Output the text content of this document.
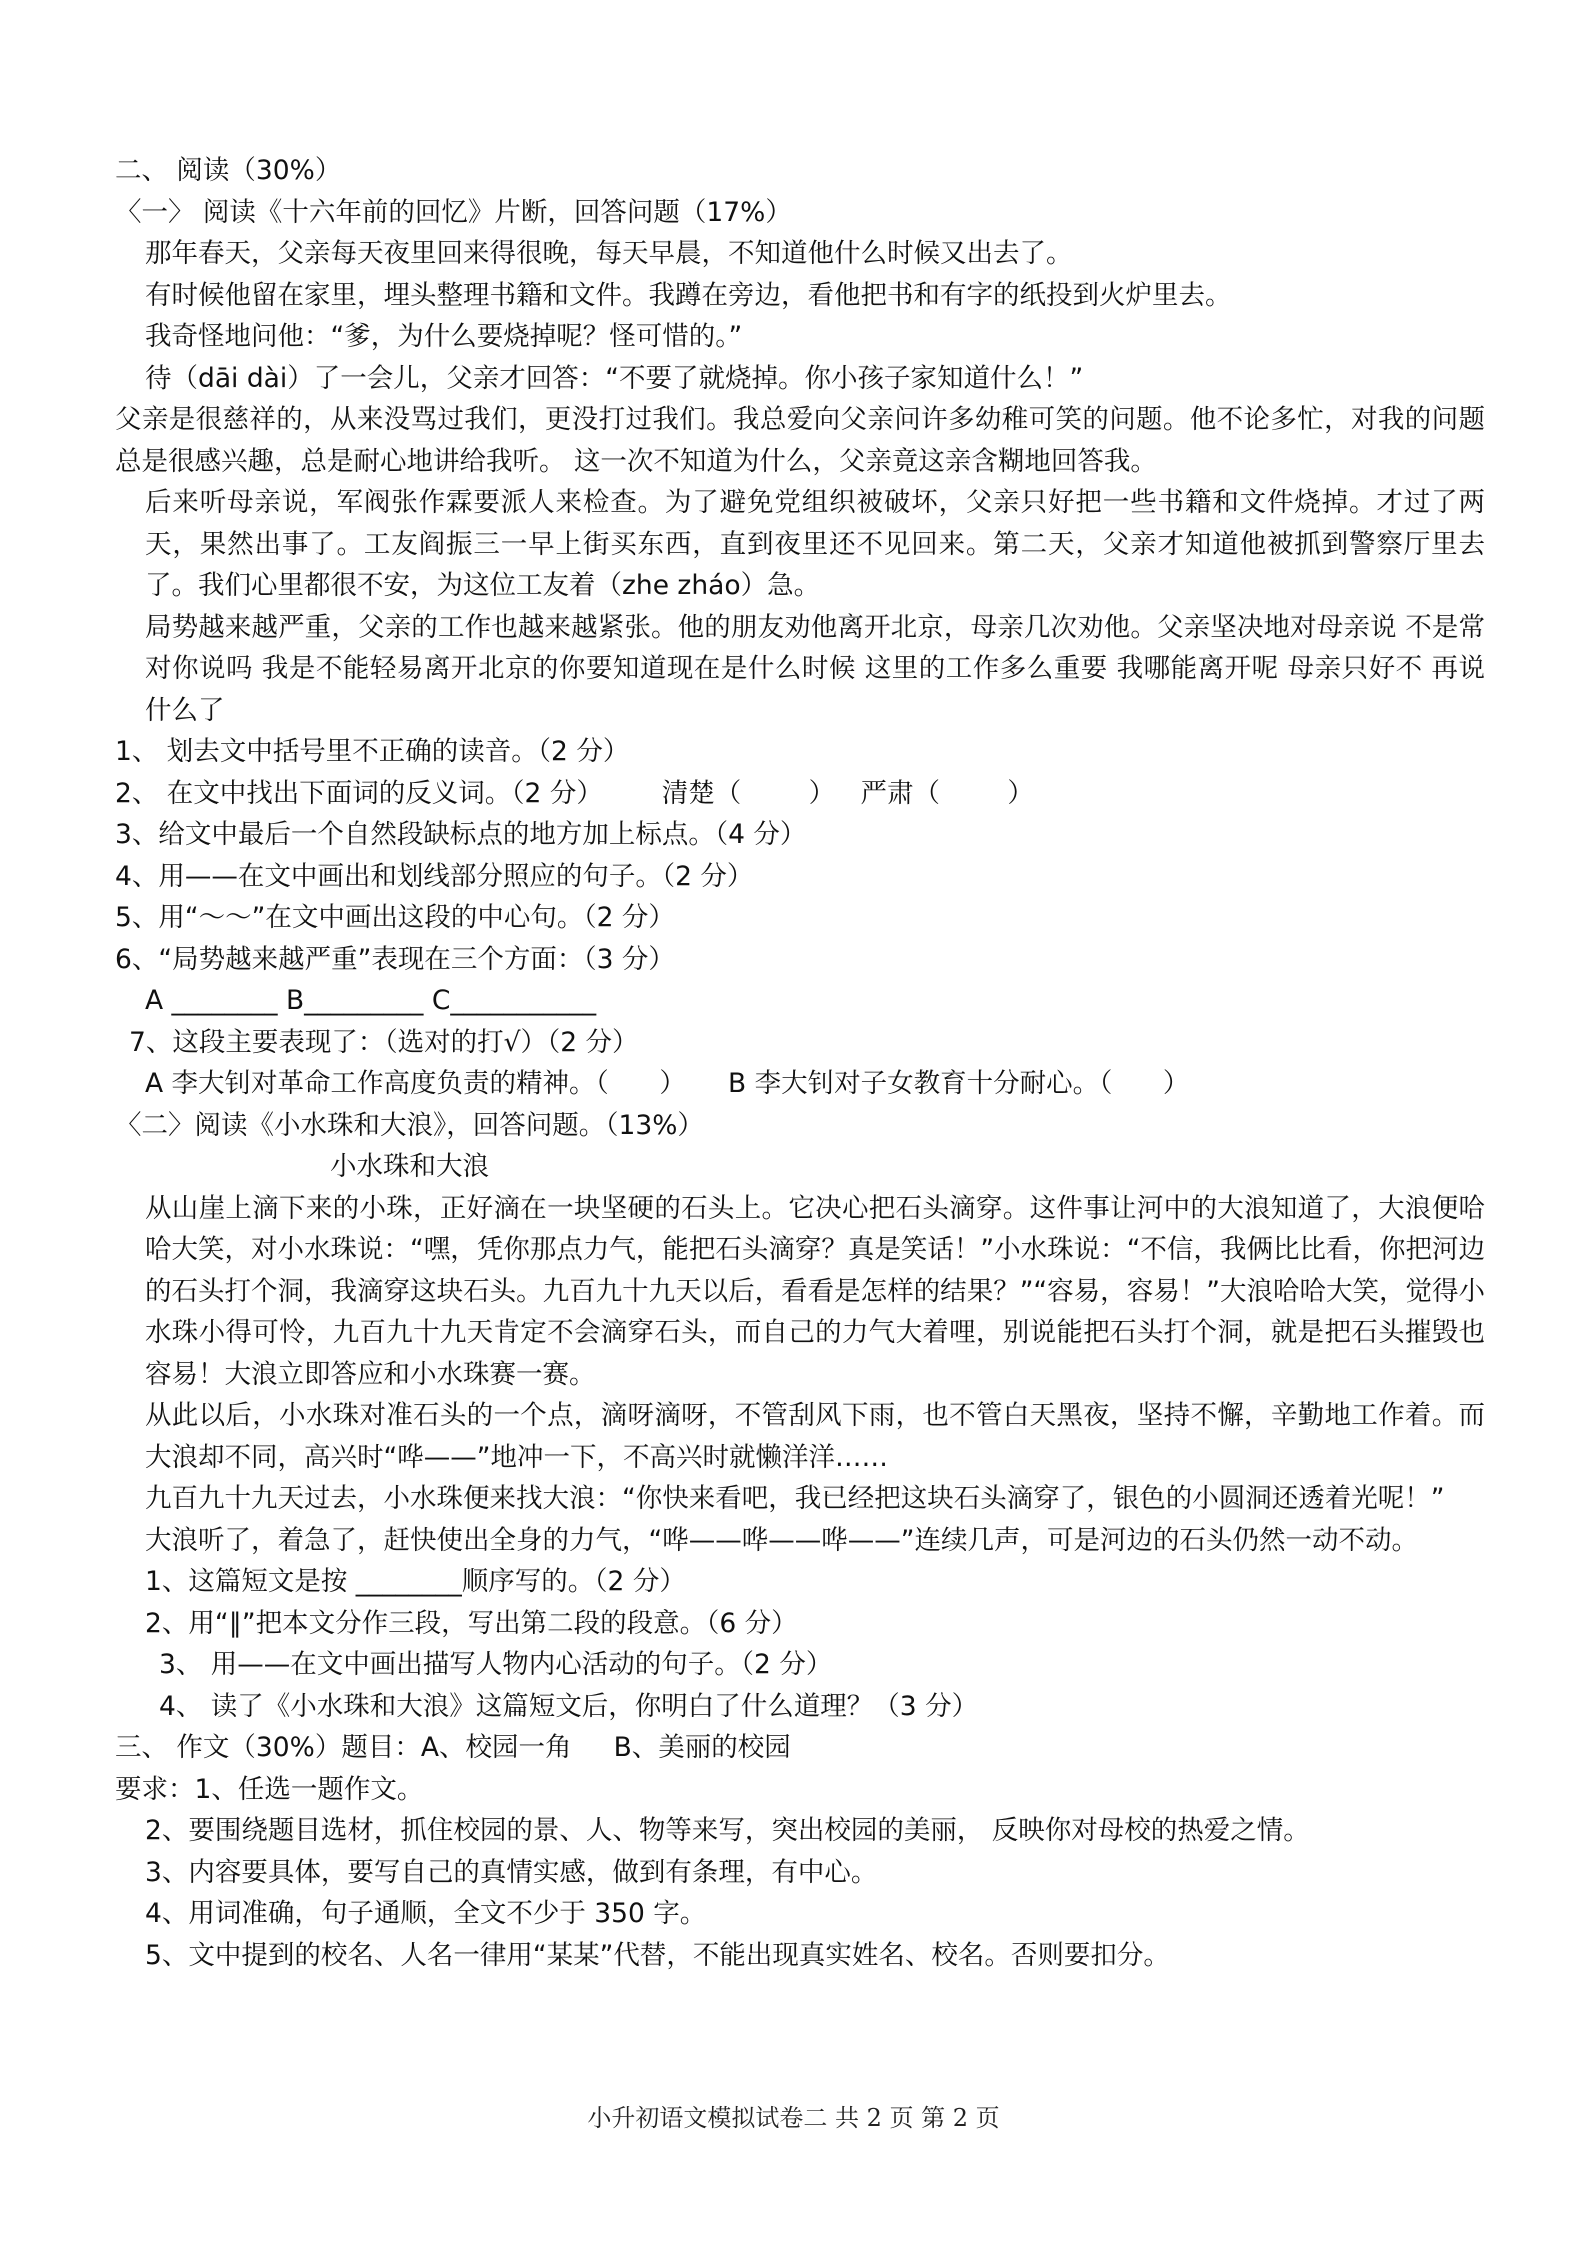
二、 阅读（30%）
〈一〉 阅读《十六年前的回忆》片断，回答问题（17%）
那年春天，父亲每天夜里回来得很晚，每天早晨，不知道他什么时候又出去了。
有时候他留在家里，埋头整理书籍和文件。我蹲在旁边，看他把书和有字的纸投到火炉里去。
我奇怪地问他：“爹，为什么要烧掉呢？怪可惜的。”
待（dāi dài）了一会儿，父亲才回答：“不要了就烧掉。你小孩子家知道什么！”
父亲是很慈祥的，从来没骂过我们，更没打过我们。我总爱向父亲问许多幼稚可笑的问题。他不论多忙，对我的问题总是很感兴趣，总是耐心地讲给我听。 这一次不知道为什么，父亲竟这亲含糊地回答我。
后来听母亲说，军阀张作霖要派人来检查。为了避免党组织被破坏，父亲只好把一些书籍和文件烧掉。才过了两天，果然出事了。工友阎振三一早上街买东西，直到夜里还不见回来。第二天，父亲才知道他被抓到警察厅里去了。我们心里都很不安，为这位工友着（zhe zháo）急。
局势越来越严重，父亲的工作也越来越紧张。他的朋友劝他离开北京，母亲几次劝他。父亲坚决地对母亲说 不是常对你说吗 我是不能轻易离开北京的你要知道现在是什么时候 这里的工作多么重要 我哪能离开呢 母亲只好不 再说什么了
1、 划去文中括号里不正确的读音。（2 分）
2、 在文中找出下面词的反义词。（2 分）       清楚（        ）   严肃（        ）
3、给文中最后一个自然段缺标点的地方加上标点。（4 分）
4、用——在文中画出和划线部分照应的句子。（2 分）
5、用“～～”在文中画出这段的中心句。（2 分）
6、“局势越来越严重”表现在三个方面：（3 分）
A ________ B_________ C___________
7、这段主要表现了：（选对的打√）（2 分）
A 李大钊对革命工作高度负责的精神。（      ）     B 李大钊对子女教育十分耐心。（      ）
〈二〉阅读《小水珠和大浪》，回答问题。（13%）
小水珠和大浪
从山崖上滴下来的小珠，正好滴在一块坚硬的石头上。它决心把石头滴穿。这件事让河中的大浪知道了，大浪便哈哈大笑，对小水珠说：“嘿，凭你那点力气，能把石头滴穿？真是笑话！”小水珠说：“不信，我俩比比看，你把河边的石头打个洞，我滴穿这块石头。九百九十九天以后，看看是怎样的结果？”“容易，容易！”大浪哈哈大笑，觉得小水珠小得可怜，九百九十九天肯定不会滴穿石头，而自己的力气大着哩，别说能把石头打个洞，就是把石头摧毁也容易！大浪立即答应和小水珠赛一赛。
从此以后，小水珠对准石头的一个点，滴呀滴呀，不管刮风下雨，也不管白天黑夜，坚持不懈，辛勤地工作着。而大浪却不同，高兴时“哗——”地冲一下，不高兴时就懒洋洋……
九百九十九天过去，小水珠便来找大浪：“你快来看吧，我已经把这块石头滴穿了，银色的小圆洞还透着光呢！”
大浪听了，着急了，赶快使出全身的力气，“哗——哗——哗——”连续几声，可是河边的石头仍然一动不动。
1、这篇短文是按 ________顺序写的。（2 分）
2、用“∥”把本文分作三段，写出第二段的段意。（6 分）
3、 用——在文中画出描写人物内心活动的句子。（2 分）
4、 读了《小水珠和大浪》这篇短文后，你明白了什么道理？（3 分）
三、 作文（30%）题目：A、校园一角     B、美丽的校园
要求：1、任选一题作文。
2、要围绕题目选材，抓住校园的景、人、物等来写，突出校园的美丽， 反映你对母校的热爱之情。
3、内容要具体，要写自己的真情实感，做到有条理，有中心。
4、用词准确，句子通顺，全文不少于 350 字。
5、文中提到的校名、人名一律用“某某”代替，不能出现真实姓名、校名。否则要扣分。
小升初语文模拟试卷二 共 2 页 第 2 页
